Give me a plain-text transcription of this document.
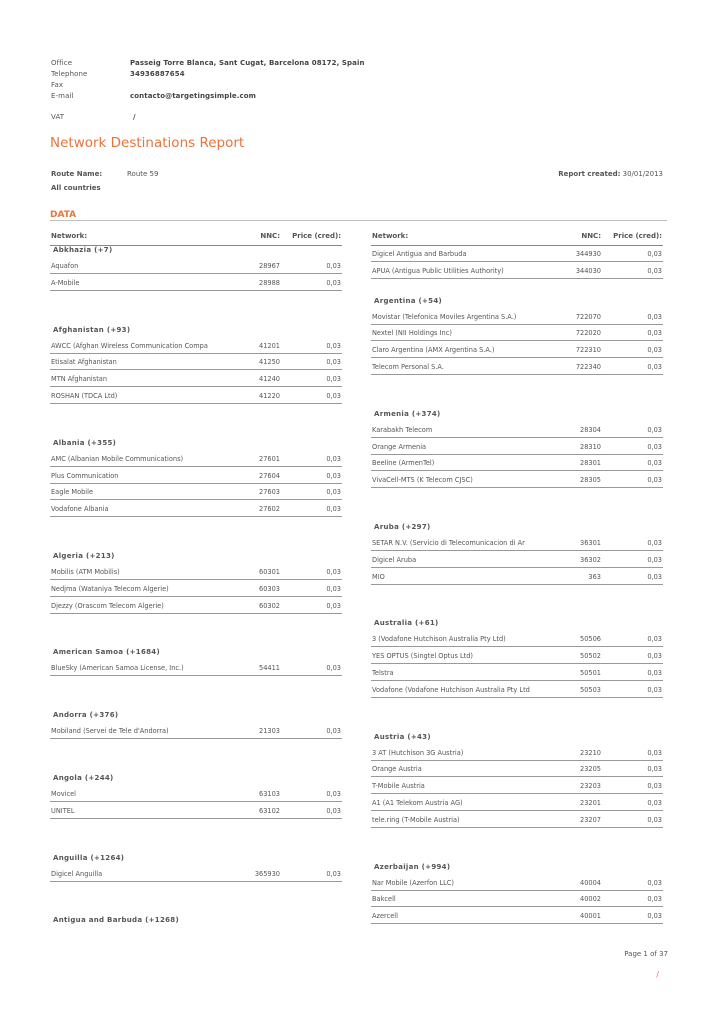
Office	Passeig Torre Blanca, Sant Cugat, Barcelona 08172, Spain
Telephone	34936887654
Fax
E-mail	contacto@targetingsimple.com
VAT	/
Network Destinations Report
Route Name:	Route 59	Report created: 30/01/2013
All countries
DATA
Network:	NNC: Price (cred):
Abkhazia (+7)
Aquafon	28967	0,03
A-Mobile	28988	0,03
Afghanistan (+93)
AWCC (Afghan Wireless Communication Compa	41201	0,03
Etisalat Afghanistan	41250	0,03
MTN Afghanistan	41240	0,03
ROSHAN (TDCA Ltd)	41220	0,03
Albania (+355)
AMC (Albanian Mobile Communications)	27601	0,03
Plus Communication	27604	0,03
Eagle Mobile	27603	0,03
Vodafone Albania	27602	0,03
Algeria (+213)
Mobilis (ATM Mobilis)	60301	0,03
Nedjma (Wataniya Telecom Algerie)	60303	0,03
Djezzy (Orascom Telecom Algerie)	60302	0,03
American Samoa (+1684)
BlueSky (American Samoa License, Inc.)	54411	0,03
Andorra (+376)
Mobiland (Servei de Tele d'Andorra)	21303	0,03
Angola (+244)
Movicel	63103	0,03
UNITEL	63102	0,03
Anguilla (+1264)
Digicel Anguilla	365930	0,03
Antigua and Barbuda (+1268)
Network:	NNC: Price (cred):
Digicel Antigua and Barbuda	344930	0,03
APUA (Antigua Public Utilities Authority)	344030	0,03
Argentina (+54)
Movistar (Telefonica Moviles Argentina S.A.)	722070	0,03
Nextel (NII Holdings Inc)	722020	0,03
Claro Argentina (AMX Argentina S.A.)	722310	0,03
Telecom Personal S.A.	722340	0,03
Armenia (+374)
Karabakh Telecom	28304	0,03
Orange Armenia	28310	0,03
Beeline (ArmenTel)	28301	0,03
VivaCell-MTS (K Telecom CJSC)	28305	0,03
Aruba (+297)
SETAR N.V. (Servicio di Telecomunicacion di Ar	36301	0,03
Digicel Aruba	36302	0,03
MIO	363	0,03
Australia (+61)
3 (Vodafone Hutchison Australia Pty Ltd)	50506	0,03
YES OPTUS (Singtel Optus Ltd)	50502	0,03
Telstra	50501	0,03
Vodafone (Vodafone Hutchison Australia Pty Ltd	50503	0,03
Austria (+43)
3 AT (Hutchison 3G Austria)	23210	0,03
Orange Austria	23205	0,03
T-Mobile Austria	23203	0,03
A1 (A1 Telekom Austria AG)	23201	0,03
tele.ring (T-Mobile Austria)	23207	0,03
Azerbaijan (+994)
Nar Mobile (Azerfon LLC)	40004	0,03
Bakcell	40002	0,03
Azercell	40001	0,03
Page 1 of 37
/
